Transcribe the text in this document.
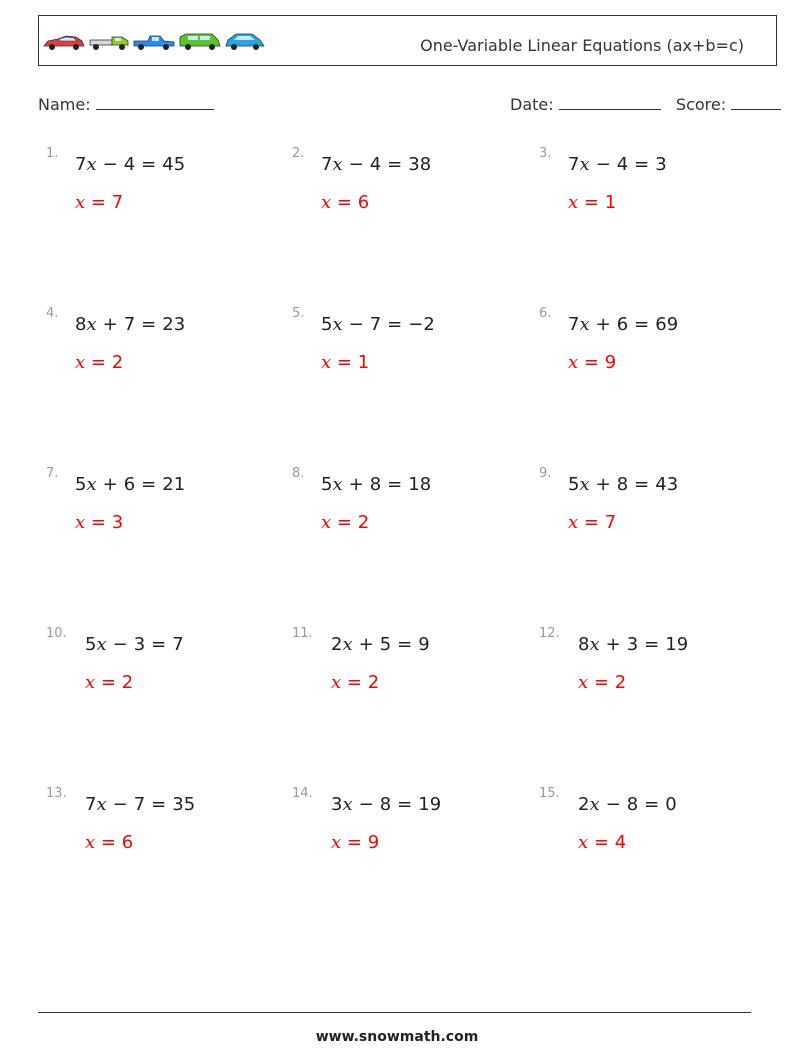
One-Variable Linear Equations (ax+b=c)
Name:	Date:	Score:
1.
7x − 4 = 45
x = 7
2.
7x − 4 = 38
x = 6
3.
7x − 4 = 3
x = 1
4.
8x + 7 = 23
x = 2
5.
5x − 7 = −2
x = 1
6.
7x + 6 = 69
x = 9
7.
5x + 6 = 21
x = 3
8.
5x + 8 = 18
x = 2
9.
5x + 8 = 43
x = 7
10.
5x − 3 = 7
x = 2
11.
2x + 5 = 9
x = 2
12.
8x + 3 = 19
x = 2
13.
7x − 7 = 35
x = 6
14.
3x − 8 = 19
x = 9
15.
2x − 8 = 0
x = 4
www.snowmath.com
